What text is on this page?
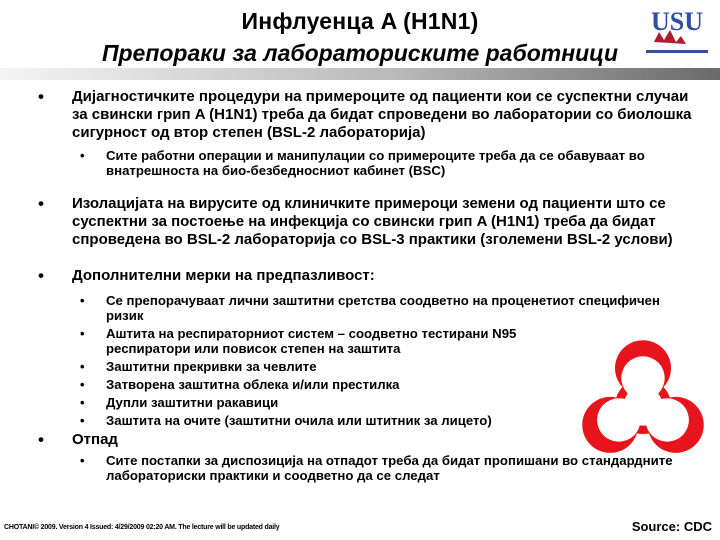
Инфлуенца A (H1N1)
Препораки за лабораториските работници
USU
• Дијагностичките процедури на примероците од пациенти кои се суспектни случаи за свински грип A (H1N1) треба да бидат спроведени во лаборатории со биолошка сигурност од втор степен (BSL-2 лабораторија)
• Сите работни операции и манипулации со примероците треба да се обавуваат во внатрешноста на био-безбедносниот кабинет (BSC)
• Изолацијата на вирусите од клиничките примероци земени од пациенти што се суспектни за постоење на инфекција со свински грип A (H1N1) треба да бидат спроведена во BSL-2 лабораторија со BSL-3 практики (зголемени BSL-2 услови)
• Дополнителни мерки на предпазливост:
• Се препорачуваат лични заштитни сретства соодветно на проценетиот специфичен ризик
• Аштита на респираторниот систем – соодветно тестирани N95 респиратори или повисок степен на заштита
• Заштитни прекривки за чевлите
• Затворена заштитна облека и/или престилка
• Дупли заштитни ракавици
• Заштита на очите (заштитни очила или штитник за лицето)
• Отпад
• Сите постапки за диспозиција на отпадот треба да бидат пропишани во стандардните лабораториски практики и соодветно да се следат
CHOTANI© 2009. Version 4 Issued: 4/29/2009 02:20 AM. The lecture will be updated daily	Source: CDC
